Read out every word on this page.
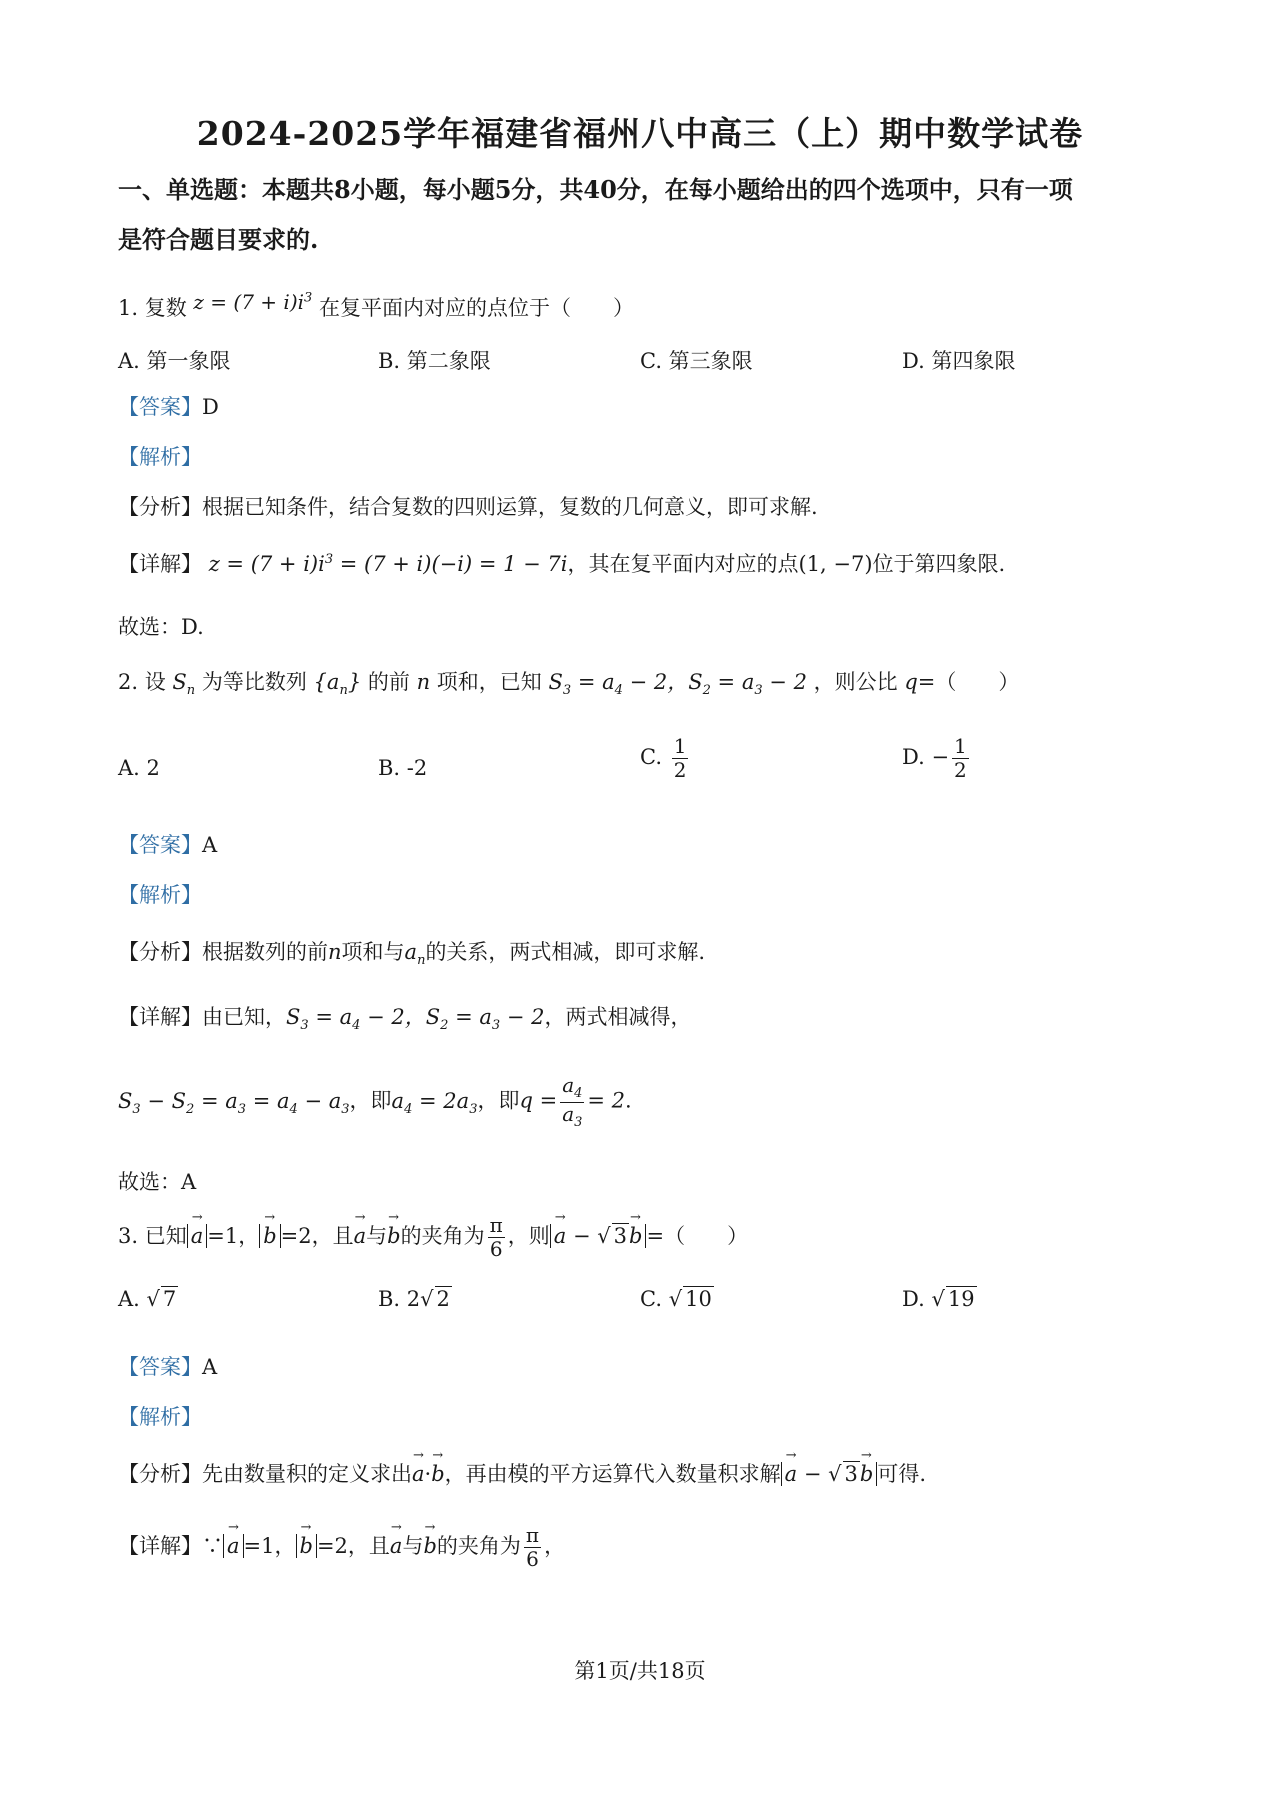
2024-2025学年福建省福州八中高三（上）期中数学试卷
一、单选题：本题共8小题，每小题5分，共40分，在每小题给出的四个选项中，只有一项
是符合题目要求的.
1. 复数 $z = (7 + i)i^3$ 在复平面内对应的点位于（　　）
A. 第一象限	B. 第二象限	C. 第三象限	D. 第四象限
【答案】D
【解析】
【分析】根据已知条件，结合复数的四则运算，复数的几何意义，即可求解.
【详解】 $z = (7 + i)i^3 = (7 + i)(-i) = 1 - 7i$，其在复平面内对应的点(1, −7)位于第四象限.
故选：D.
2. 设 $S_n$ 为等比数列 $\{a_n\}$ 的前 n 项和，已知 $S_3 = a_4 - 2$，$S_2 = a_3 - 2$ ，则公比 q=（　　）
A. 2	B. -2	C. $\frac{1}{2}$	D. − $\frac{1}{2}$
【答案】A
【解析】
【分析】根据数列的前n项和与$a_n$的关系，两式相减，即可求解.
【详解】由已知，$S_3 = a_4 - 2$，$S_2 = a_3 - 2$，两式相减得，
$S_3 - S_2 = a_3 = a_4 - a_3$，即$a_4 = 2a_3$，即$q = \frac{a_4}{a_3} = 2$.
故选：A
3. 已知 → a =1， → b =2，且→ a与→ b的夹角为 $\frac{\pi}{6}$ ，则 → a − √ 3→ b =（　　）
A. √ 7	B. 2√ 2	C. √ 10	D. √ 19
【答案】A
【解析】
【分析】先由数量积的定义求出→ a·→ b，再由模的平方运算代入数量积求解 → a − √ 3→ b 可得.
【详解】∵ → a =1， → b =2，且→ a与→ b的夹角为 $\frac{\pi}{6}$ ，
第1页/共18页
